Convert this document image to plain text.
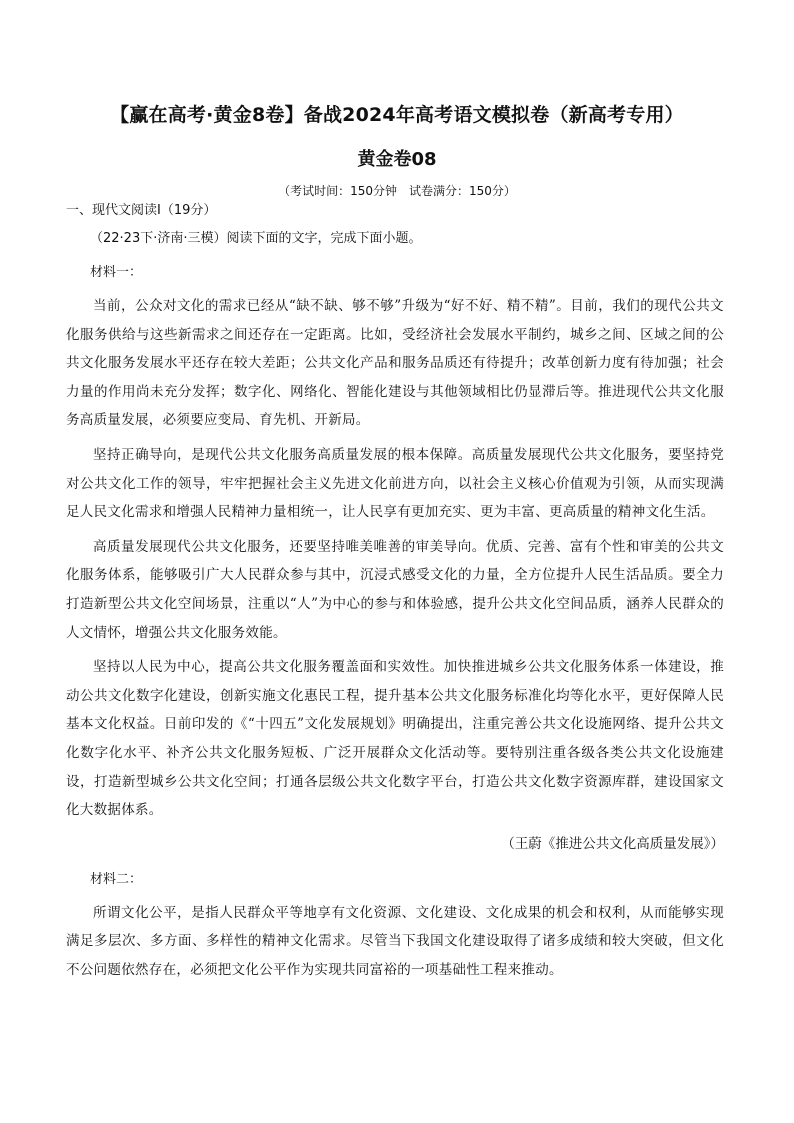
【赢在高考·黄金8卷】备战2024年高考语文模拟卷（新高考专用）
黄金卷08
（考试时间：150分钟　试卷满分：150分）

一、现代文阅读Ⅰ（19分）

（22·23下·济南·三模）阅读下面的文字，完成下面小题。

材料一：

当前，公众对文化的需求已经从“缺不缺、够不够”升级为“好不好、精不精”。目前，我们的现代公共文化服务供给与这些新需求之间还存在一定距离。比如，受经济社会发展水平制约，城乡之间、区域之间的公共文化服务发展水平还存在较大差距；公共文化产品和服务品质还有待提升；改革创新力度有待加强；社会力量的作用尚未充分发挥；数字化、网络化、智能化建设与其他领域相比仍显滞后等。推进现代公共文化服务高质量发展，必须要应变局、育先机、开新局。

坚持正确导向，是现代公共文化服务高质量发展的根本保障。高质量发展现代公共文化服务，要坚持党对公共文化工作的领导，牢牢把握社会主义先进文化前进方向，以社会主义核心价值观为引领，从而实现满足人民文化需求和增强人民精神力量相统一，让人民享有更加充实、更为丰富、更高质量的精神文化生活。

高质量发展现代公共文化服务，还要坚持唯美唯善的审美导向。优质、完善、富有个性和审美的公共文化服务体系，能够吸引广大人民群众参与其中，沉浸式感受文化的力量，全方位提升人民生活品质。要全力打造新型公共文化空间场景，注重以“人”为中心的参与和体验感，提升公共文化空间品质，涵养人民群众的人文情怀，增强公共文化服务效能。

坚持以人民为中心，提高公共文化服务覆盖面和实效性。加快推进城乡公共文化服务体系一体建设，推动公共文化数字化建设，创新实施文化惠民工程，提升基本公共文化服务标准化均等化水平，更好保障人民基本文化权益。日前印发的《“十四五”文化发展规划》明确提出，注重完善公共文化设施网络、提升公共文化数字化水平、补齐公共文化服务短板、广泛开展群众文化活动等。要特别注重各级各类公共文化设施建设，打造新型城乡公共文化空间；打通各层级公共文化数字平台，打造公共文化数字资源库群，建设国家文化大数据体系。

（王蔚《推进公共文化高质量发展》）

材料二：

所谓文化公平，是指人民群众平等地享有文化资源、文化建设、文化成果的机会和权利，从而能够实现满足多层次、多方面、多样性的精神文化需求。尽管当下我国文化建设取得了诸多成绩和较大突破，但文化不公问题依然存在，必须把文化公平作为实现共同富裕的一项基础性工程来推动。
